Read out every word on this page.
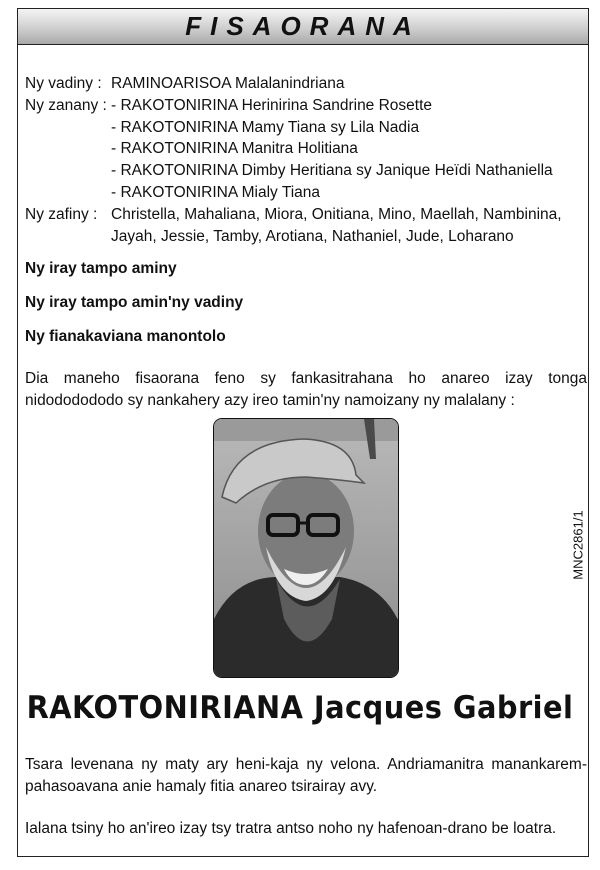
FISAORANA
Ny vadiny : RAMINOARISOA Malalanindriana
Ny zanany : - RAKOTONIRINA Herinirina Sandrine Rosette
- RAKOTONIRINA Mamy Tiana sy Lila Nadia
- RAKOTONIRINA Manitra Holitiana
- RAKOTONIRINA Dimby Heritiana sy Janique Heïdi Nathaniella
- RAKOTONIRINA Mialy Tiana
Ny zafiny : Christella, Mahaliana, Miora, Onitiana, Mino, Maellah, Nambinina, Jayah, Jessie, Tamby, Arotiana, Nathaniel, Jude, Loharano
Ny iray tampo aminy
Ny iray tampo amin'ny vadiny
Ny fianakaviana manontolo
Dia maneho fisaorana feno sy fankasitrahana ho anareo izay tonga nidododododo sy nankahery azy ireo tamin'ny namoizany ny malalany :
MNC2861/1
RAKOTONIRIANA Jacques Gabriel
Tsara levenana ny maty ary heni-kaja ny velona. Andriamanitra manankarem-pahasoavana anie hamaly fitia anareo tsirairay avy.
Ialana tsiny ho an'ireo izay tsy tratra antso noho ny hafenoan-drano be loatra.
